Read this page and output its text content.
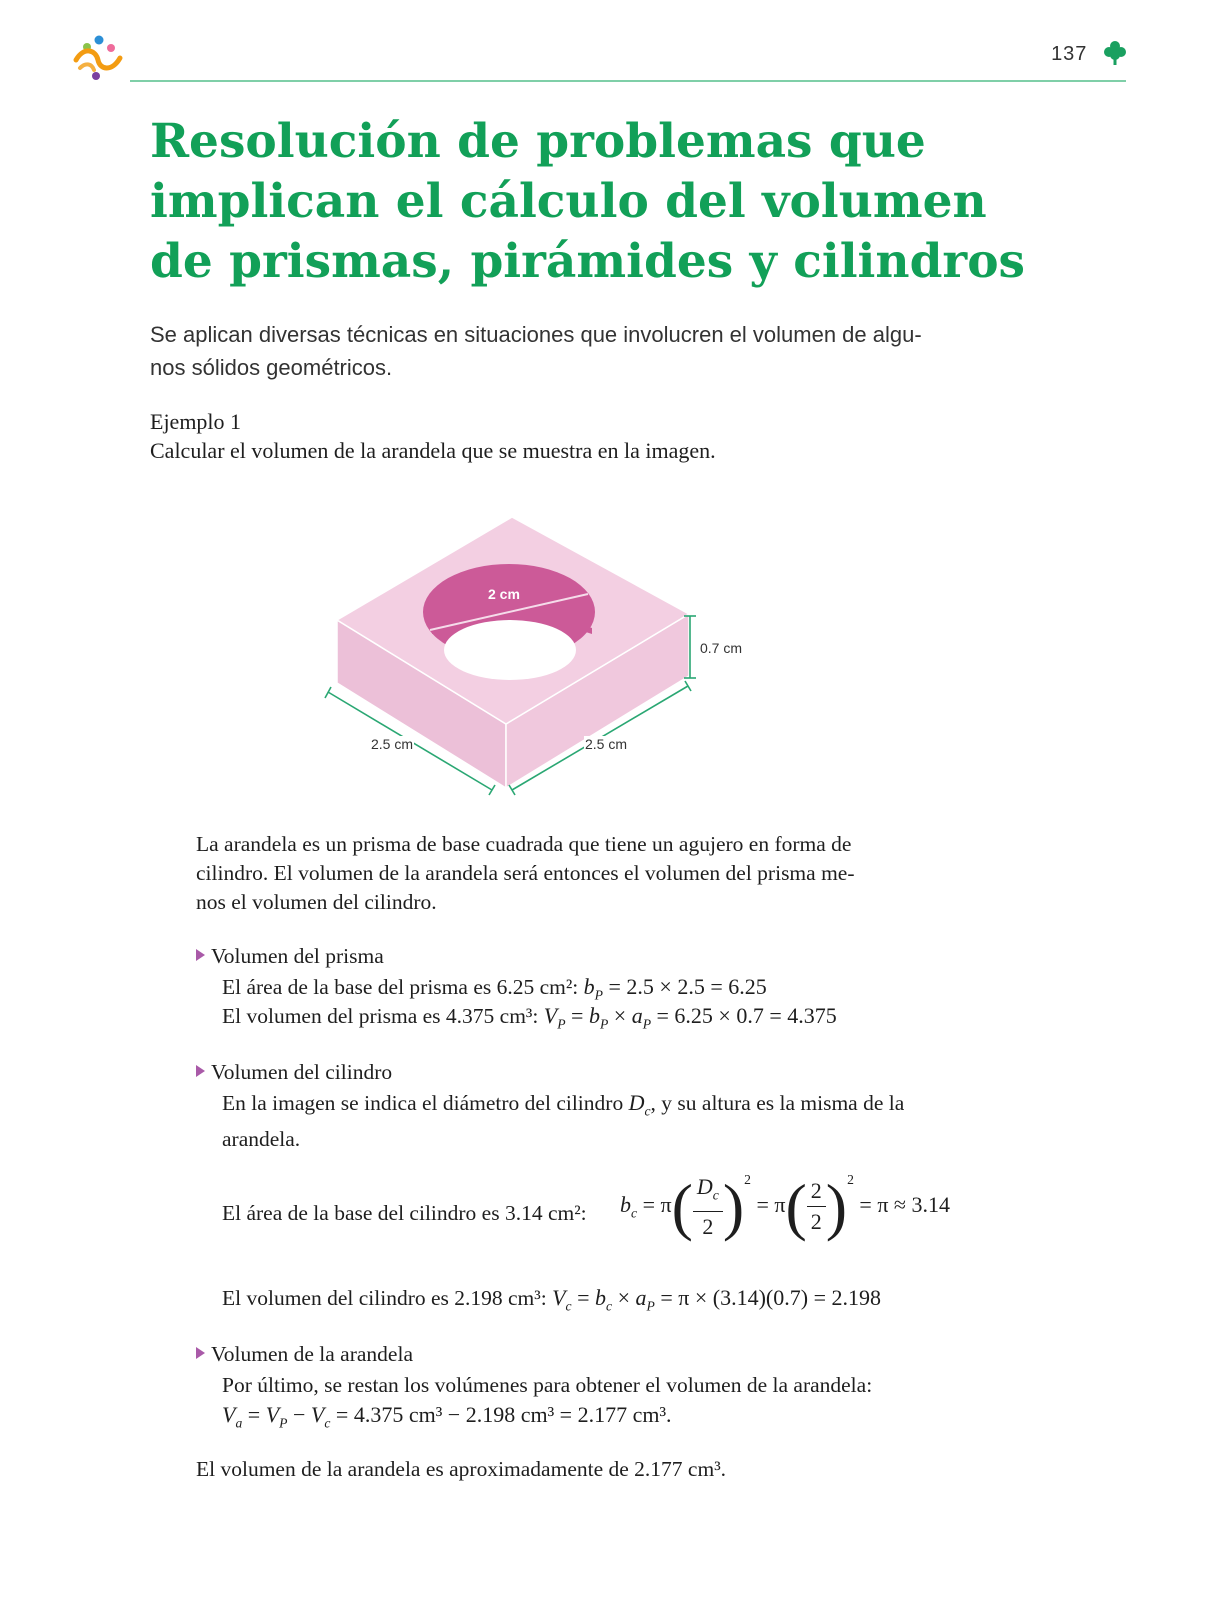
137
Resolución de problemas que
implican el cálculo del volumen
de prismas, pirámides y cilindros

Se aplican diversas técnicas en situaciones que involucren el volumen de algu-
nos sólidos geométricos.

Ejemplo 1

Calcular el volumen de la arandela que se muestra en la imagen.

2 cm
0.7 cm
2.5 cm	2.5 cm

La arandela es un prisma de base cuadrada que tiene un agujero en forma de
cilindro. El volumen de la arandela será entonces el volumen del prisma me-
nos el volumen del cilindro.

Volumen del prisma

El área de la base del prisma es 6.25 cm²: $b_P = 2.5 \times 2.5 = 6.25$

El volumen del prisma es 4.375 cm³: $V_P = b_P \times a_P = 6.25 \times 0.7 = 4.375$

Volumen del cilindro

En la imagen se indica el diámetro del cilindro $D_c$, y su altura es la misma de la
arandela.

El área de la base del cilindro es 3.14 cm²: $b_c = \pi( \frac{D_c}{2} )^2 = \pi( \frac{2}{2} )^2 = \pi \approx 3.14$

El volumen del cilindro es 2.198 cm³: $V_c = b_c \times a_P = \pi \times (3.14)(0.7) = 2.198$

Volumen de la arandela

Por último, se restan los volúmenes para obtener el volumen de la arandela:

$V_a = V_P - V_c = 4.375$ cm³ − 2.198 cm³ = 2.177 cm³.

El volumen de la arandela es aproximadamente de 2.177 cm³.
